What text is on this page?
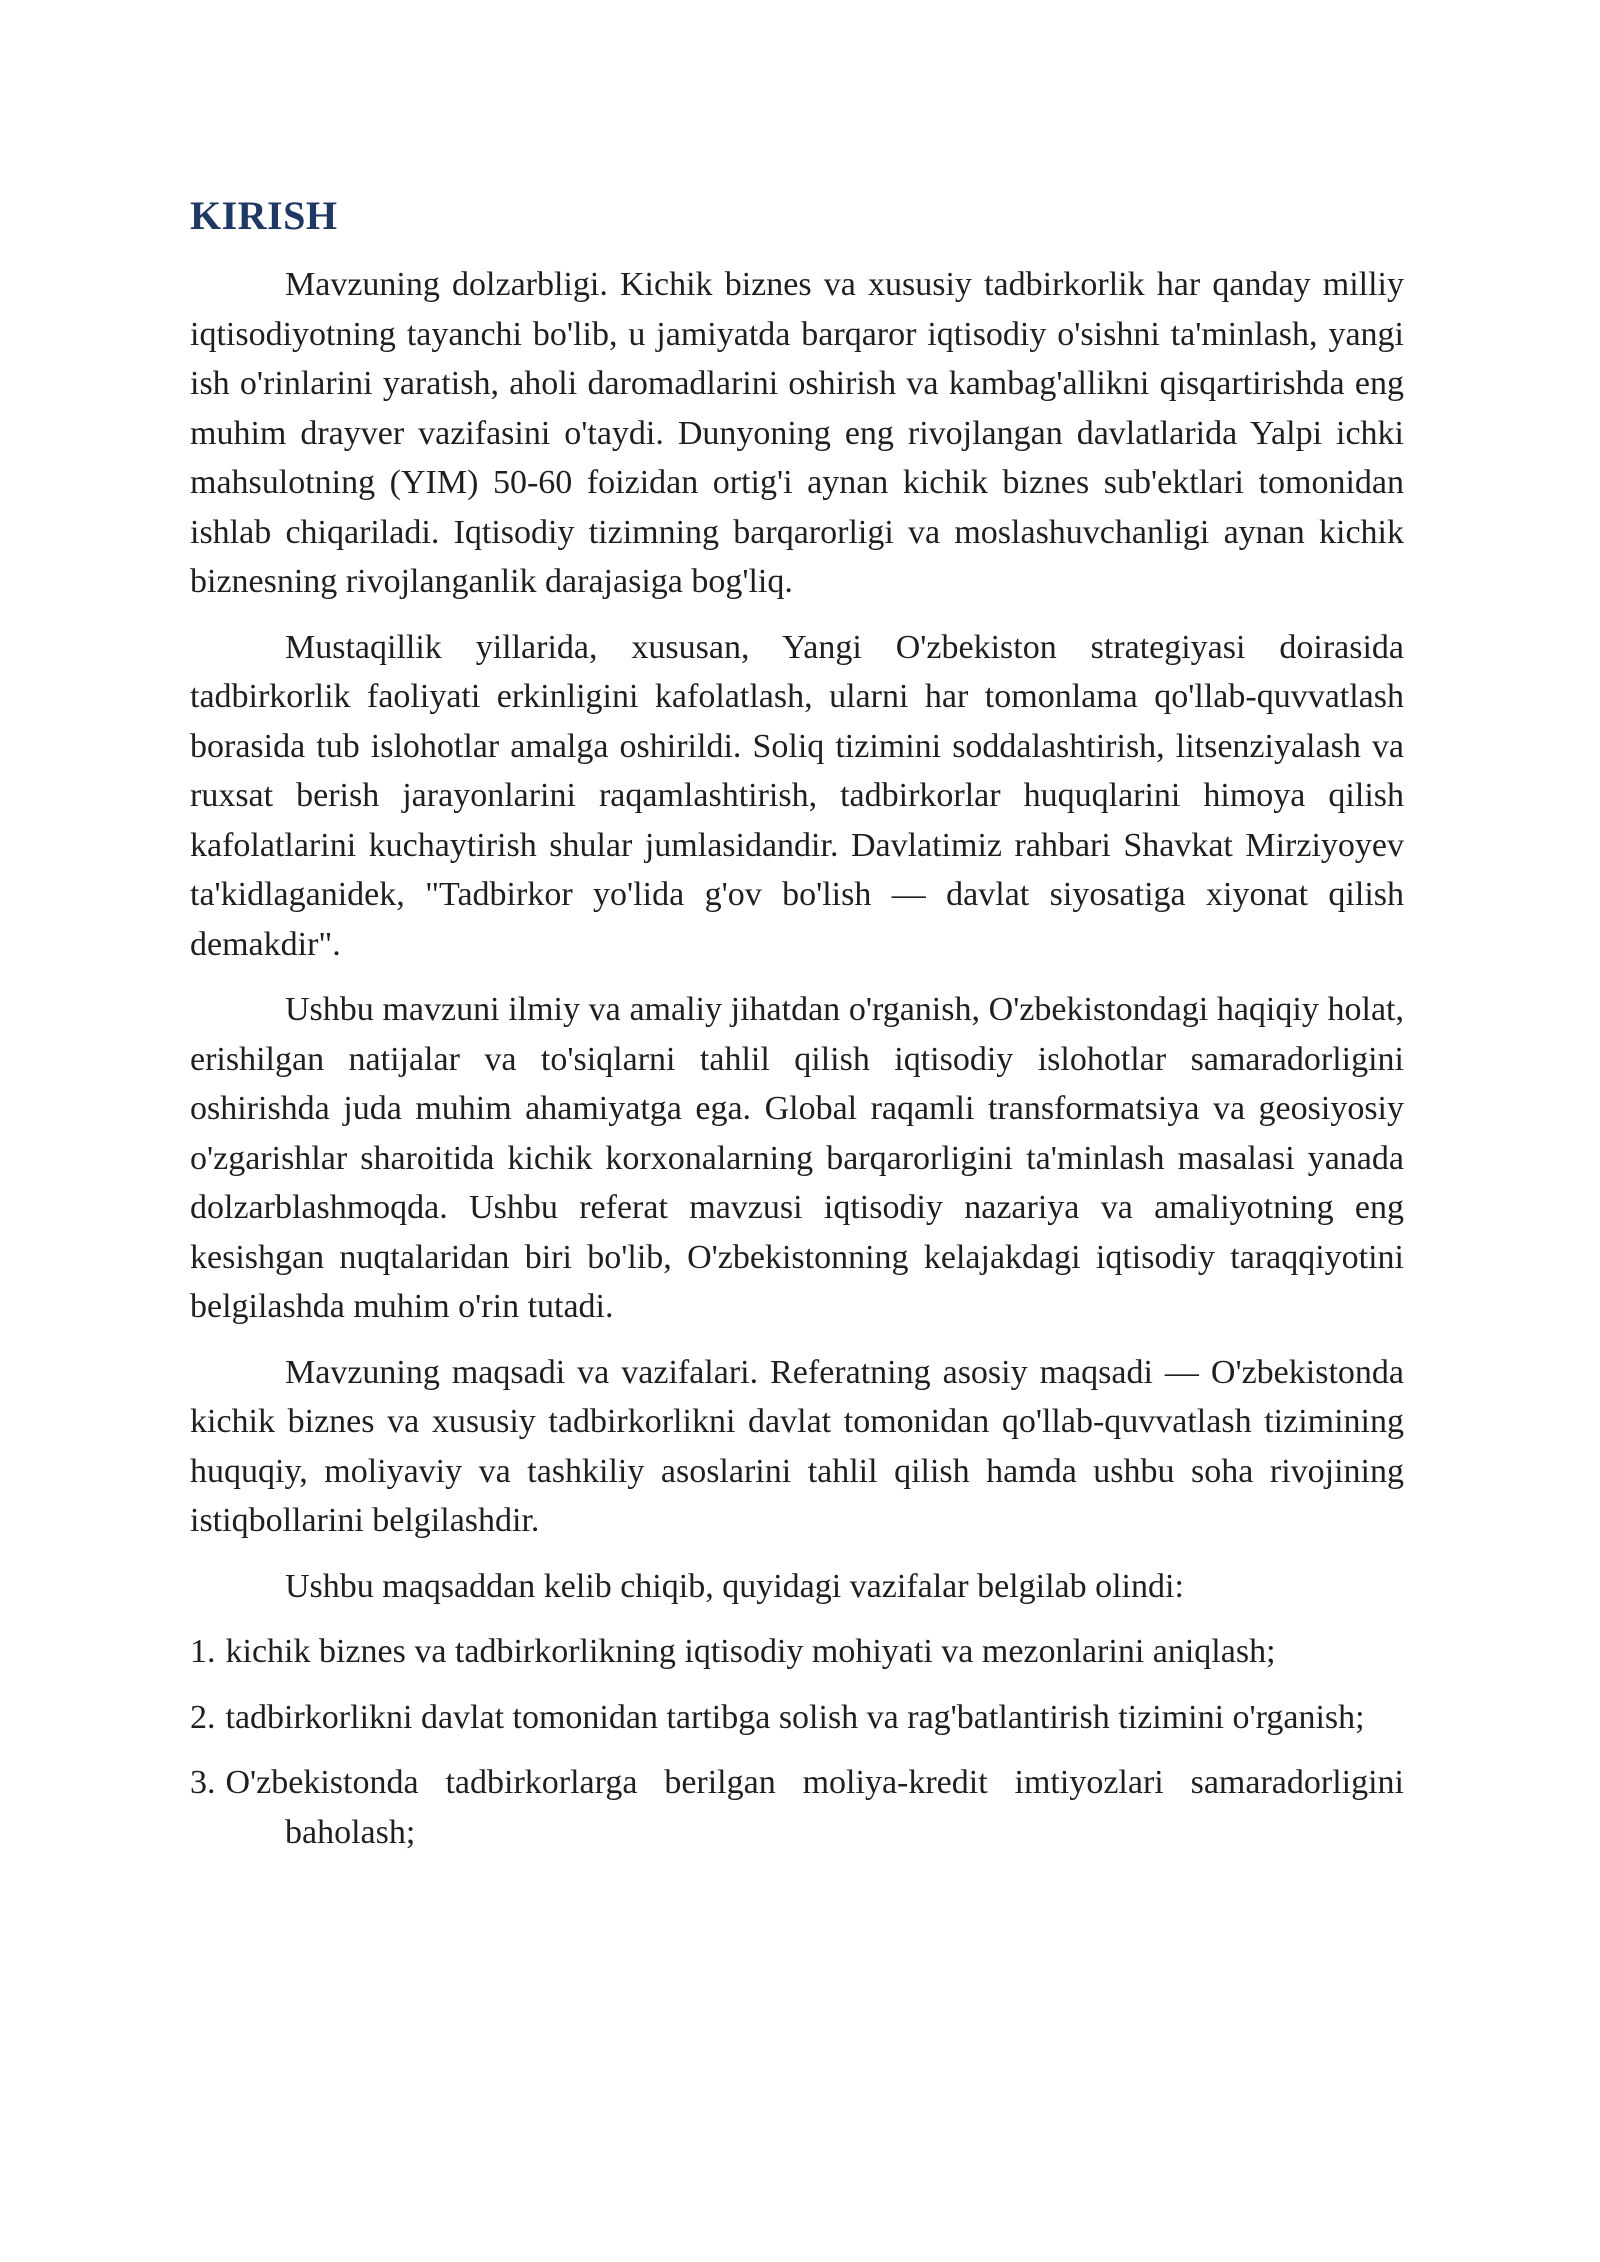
KIRISH

Mavzuning dolzarbligi. Kichik biznes va xususiy tadbirkorlik har qanday milliy iqtisodiyotning tayanchi bo'lib, u jamiyatda barqaror iqtisodiy o'sishni ta'minlash, yangi ish o'rinlarini yaratish, aholi daromadlarini oshirish va kambag'allikni qisqartirishda eng muhim drayver vazifasini o'taydi. Dunyoning eng rivojlangan davlatlarida Yalpi ichki mahsulotning (YIM) 50-60 foizidan ortig'i aynan kichik biznes sub'ektlari tomonidan ishlab chiqariladi. Iqtisodiy tizimning barqarorligi va moslashuvchanligi aynan kichik biznesning rivojlanganlik darajasiga bog'liq.

Mustaqillik yillarida, xususan, Yangi O'zbekiston strategiyasi doirasida tadbirkorlik faoliyati erkinligini kafolatlash, ularni har tomonlama qo'llab-quvvatlash borasida tub islohotlar amalga oshirildi. Soliq tizimini soddalashtirish, litsenziyalash va ruxsat berish jarayonlarini raqamlashtirish, tadbirkorlar huquqlarini himoya qilish kafolatlarini kuchaytirish shular jumlasidandir. Davlatimiz rahbari Shavkat Mirziyoyev ta'kidlaganidek, "Tadbirkor yo'lida g'ov bo'lish — davlat siyosatiga xiyonat qilish demakdir".

Ushbu mavzuni ilmiy va amaliy jihatdan o'rganish, O'zbekistondagi haqiqiy holat, erishilgan natijalar va to'siqlarni tahlil qilish iqtisodiy islohotlar samaradorligini oshirishda juda muhim ahamiyatga ega. Global raqamli transformatsiya va geosiyosiy o'zgarishlar sharoitida kichik korxonalarning barqarorligini ta'minlash masalasi yanada dolzarblashmoqda. Ushbu referat mavzusi iqtisodiy nazariya va amaliyotning eng kesishgan nuqtalaridan biri bo'lib, O'zbekistonning kelajakdagi iqtisodiy taraqqiyotini belgilashda muhim o'rin tutadi.

Mavzuning maqsadi va vazifalari. Referatning asosiy maqsadi — O'zbekistonda kichik biznes va xususiy tadbirkorlikni davlat tomonidan qo'llab-quvvatlash tizimining huquqiy, moliyaviy va tashkiliy asoslarini tahlil qilish hamda ushbu soha rivojining istiqbollarini belgilashdir.

Ushbu maqsaddan kelib chiqib, quyidagi vazifalar belgilab olindi:

1. kichik biznes va tadbirkorlikning iqtisodiy mohiyati va mezonlarini aniqlash;
2. tadbirkorlikni davlat tomonidan tartibga solish va rag'batlantirish tizimini o'rganish;
3. O'zbekistonda tadbirkorlarga berilgan moliya-kredit imtiyozlari samaradorligini baholash;
